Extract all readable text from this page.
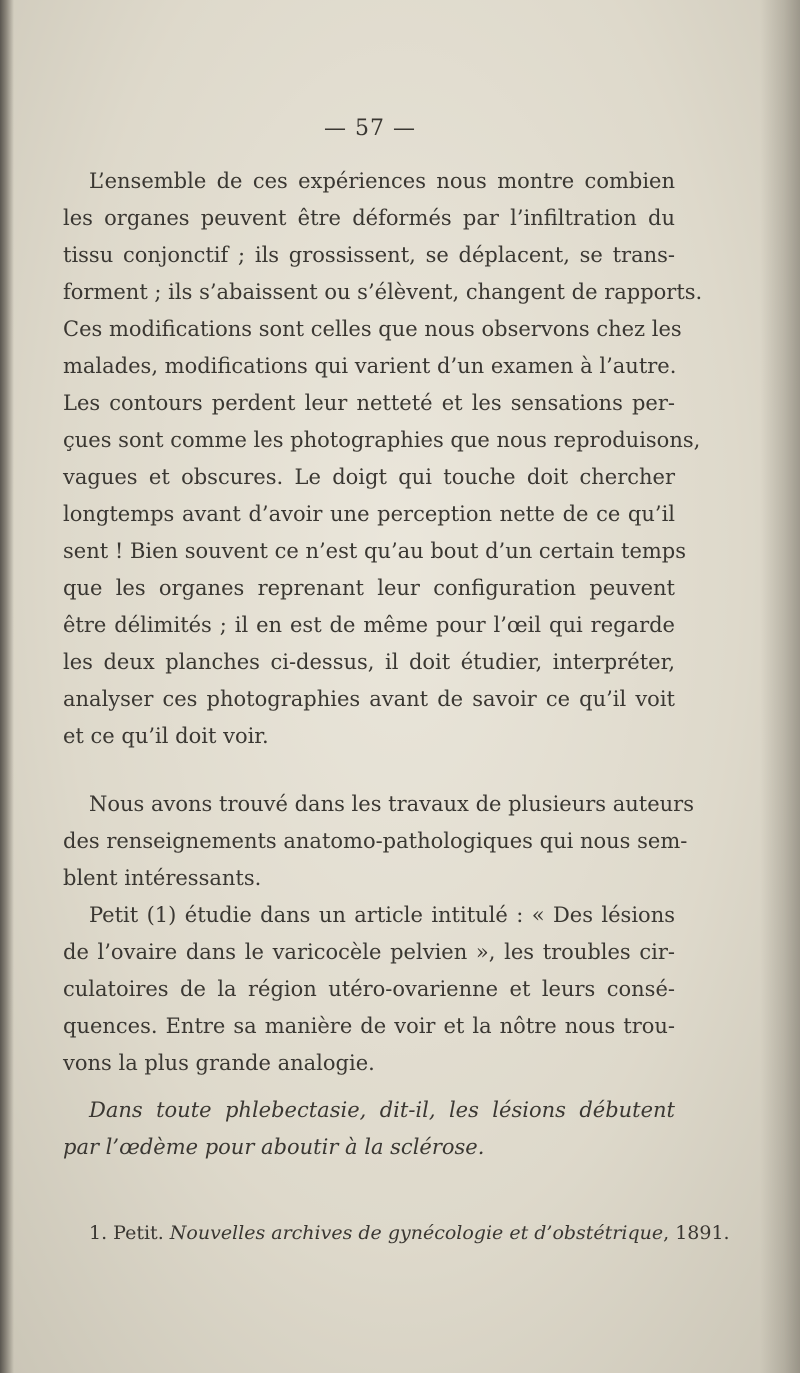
— 57 —
L’ensemble de ces expériences nous montre combien
les organes peuvent être déformés par l’infiltration du
tissu conjonctif ; ils grossissent, se déplacent, se trans-
forment ; ils s’abaissent ou s’élèvent, changent de rapports.
Ces modifications sont celles que nous observons chez les
malades, modifications qui varient d’un examen à l’autre.
Les contours perdent leur netteté et les sensations per-
çues sont comme les photographies que nous reproduisons,
vagues et obscures. Le doigt qui touche doit chercher
longtemps avant d’avoir une perception nette de ce qu’il
sent ! Bien souvent ce n’est qu’au bout d’un certain temps
que les organes reprenant leur configuration peuvent
être délimités ; il en est de même pour l’œil qui regarde
les deux planches ci-dessus, il doit étudier, interpréter,
analyser ces photographies avant de savoir ce qu’il voit
et ce qu’il doit voir.
Nous avons trouvé dans les travaux de plusieurs auteurs
des renseignements anatomo-pathologiques qui nous sem-
blent intéressants.
Petit (1) étudie dans un article intitulé : « Des lésions
de l’ovaire dans le varicocèle pelvien », les troubles cir-
culatoires de la région utéro-ovarienne et leurs consé-
quences. Entre sa manière de voir et la nôtre nous trou-
vons la plus grande analogie.
Dans toute phlebectasie, dit-il, les lésions débutent
par l’œdème pour aboutir à la sclérose.
1. Petit. Nouvelles archives de gynécologie et d’obstétrique, 1891.
